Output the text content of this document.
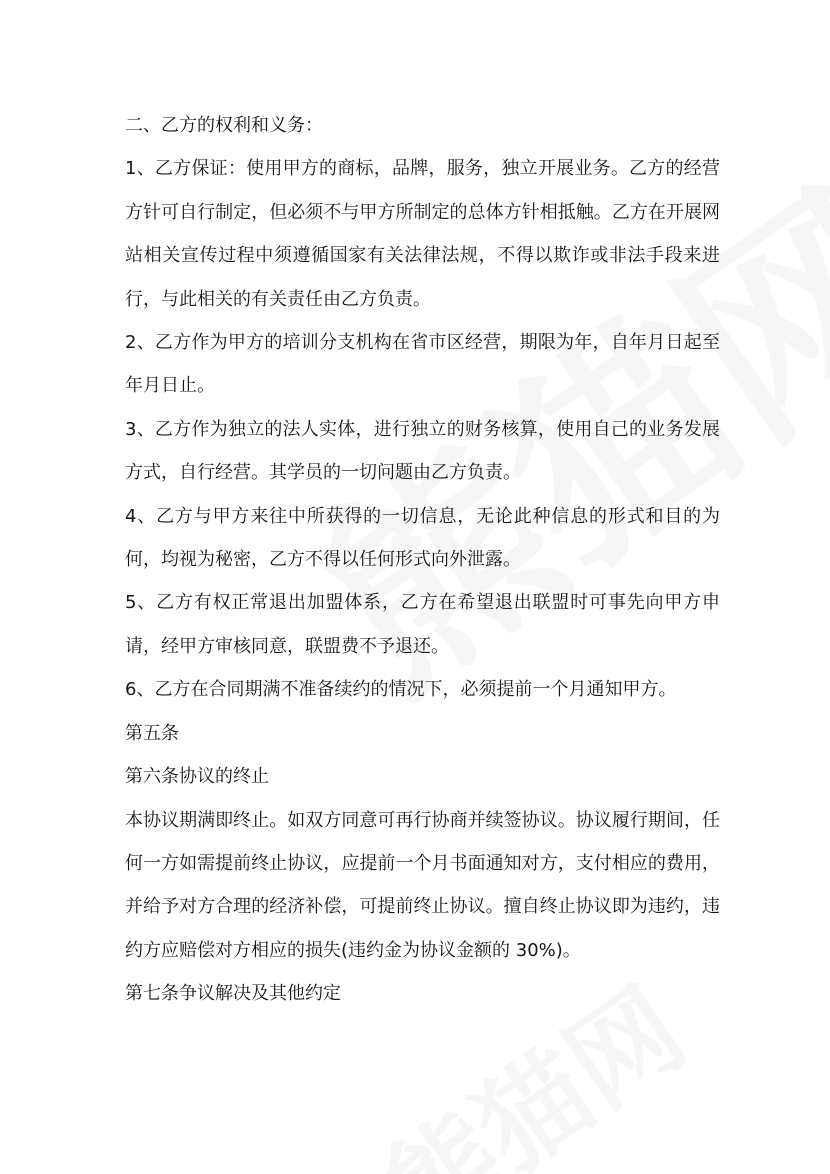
二、乙方的权利和义务：

1、乙方保证：使用甲方的商标，品牌，服务，独立开展业务。乙方的经营方针可自行制定，但必须不与甲方所制定的总体方针相抵触。乙方在开展网站相关宣传过程中须遵循国家有关法律法规，不得以欺诈或非法手段来进行，与此相关的有关责任由乙方负责。

2、乙方作为甲方的培训分支机构在省市区经营，期限为年，自年月日起至年月日止。

3、乙方作为独立的法人实体，进行独立的财务核算，使用自己的业务发展方式，自行经营。其学员的一切问题由乙方负责。

4、乙方与甲方来往中所获得的一切信息，无论此种信息的形式和目的为何，均视为秘密，乙方不得以任何形式向外泄露。

5、乙方有权正常退出加盟体系，乙方在希望退出联盟时可事先向甲方申请，经甲方审核同意，联盟费不予退还。

6、乙方在合同期满不准备续约的情况下，必须提前一个月通知甲方。

第五条

第六条协议的终止

本协议期满即终止。如双方同意可再行协商并续签协议。协议履行期间，任何一方如需提前终止协议，应提前一个月书面通知对方，支付相应的费用，并给予对方合理的经济补偿，可提前终止协议。擅自终止协议即为违约，违约方应赔偿对方相应的损失(违约金为协议金额的 30%)。

第七条争议解决及其他约定
